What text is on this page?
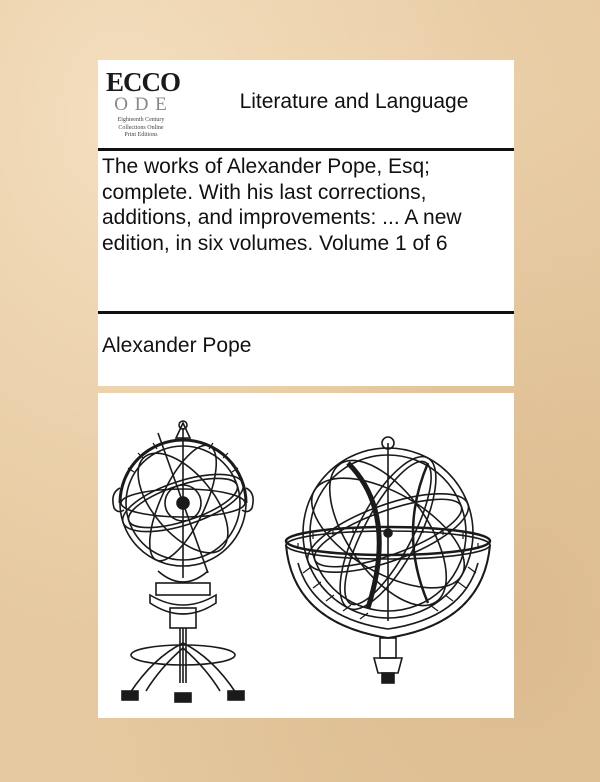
ECCO
O D E
Eighteenth Century
Collections Online
Print Editions
Literature and Language
The works of Alexander Pope, Esq; complete. With his last corrections, additions, and improvements: ... A new edition, in six volumes. Volume 1 of 6
Alexander Pope
